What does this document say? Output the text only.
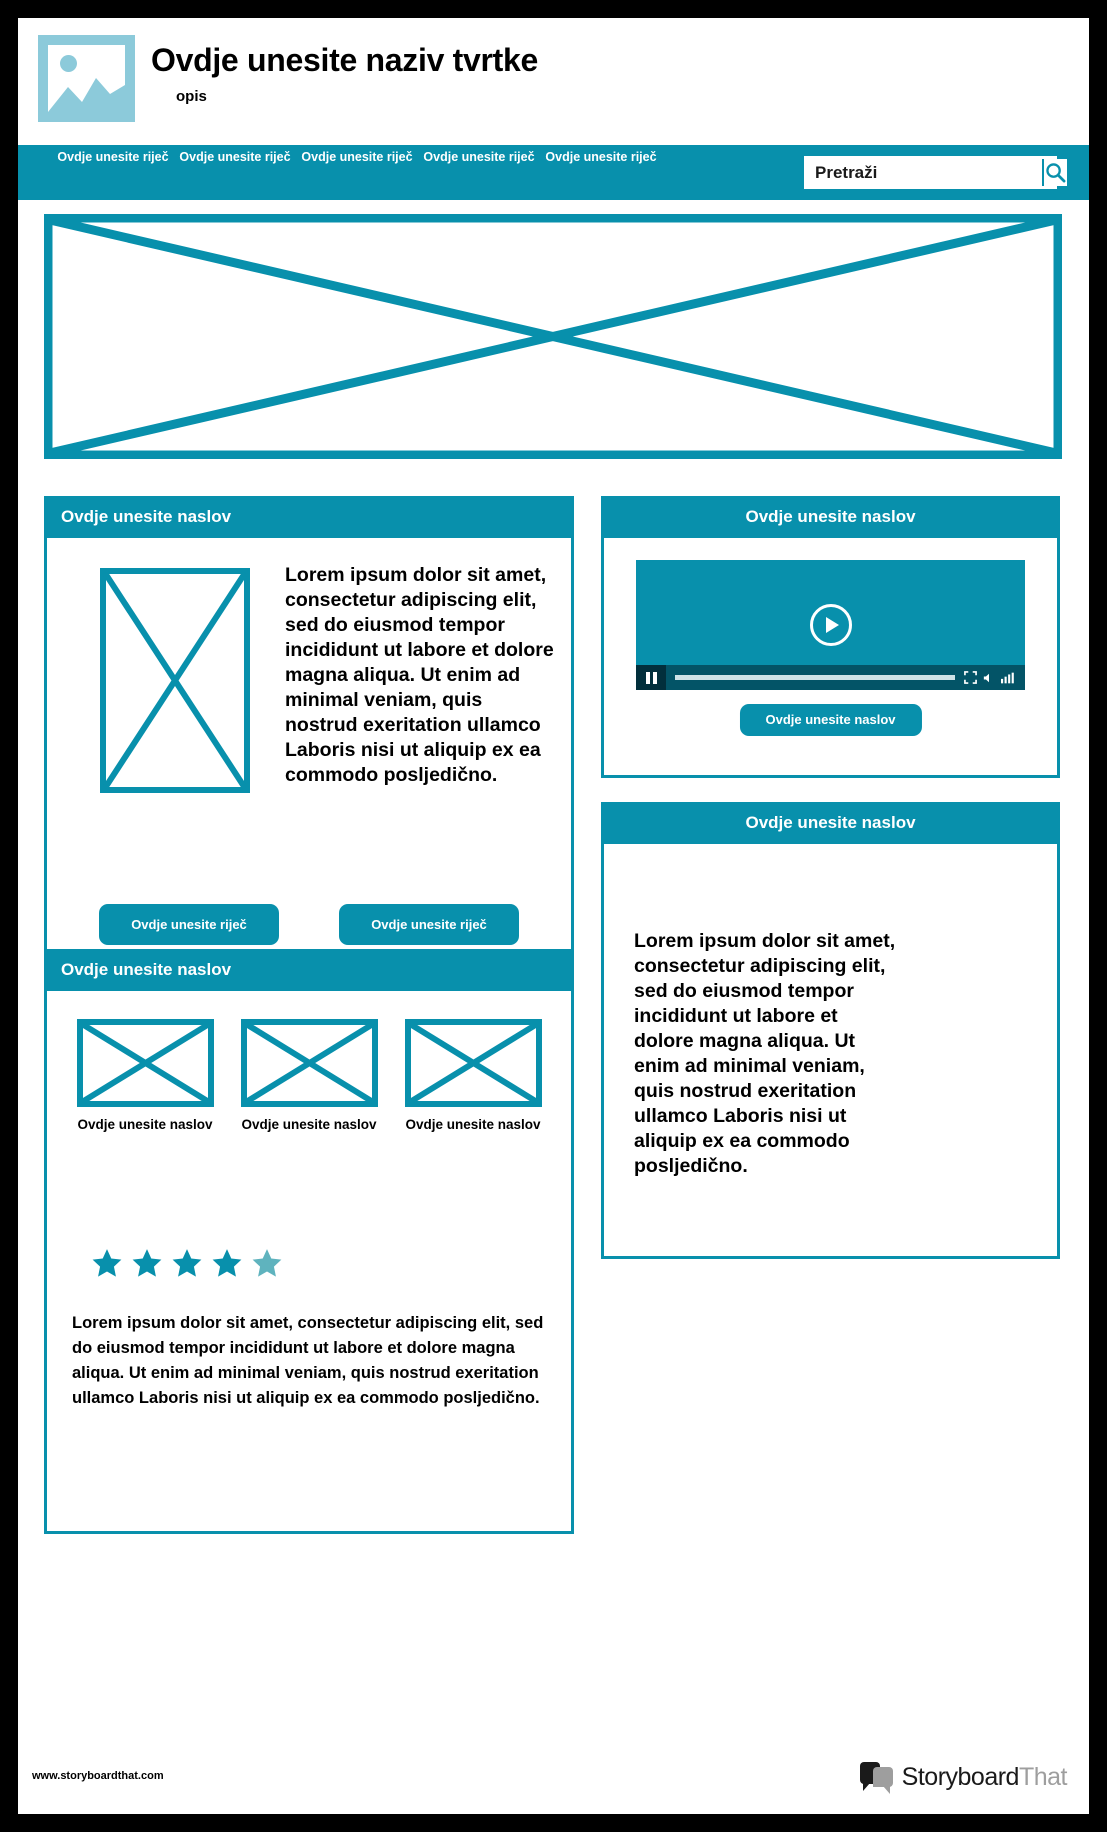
Ovdje unesite naziv tvrtke
opis
Ovdje unesite riječ Ovdje unesite riječ Ovdje unesite riječ Ovdje unesite riječ Ovdje unesite riječ
Pretraži
Ovdje unesite naslov
Lorem ipsum dolor sit amet, consectetur adipiscing elit, sed do eiusmod tempor incididunt ut labore et dolore magna aliqua. Ut enim ad minimal veniam, quis nostrud exeritation ullamco Laboris nisi ut aliquip ex ea commodo posljedično.
Ovdje unesite riječ	Ovdje unesite riječ
Ovdje unesite naslov
Ovdje unesite naslov Ovdje unesite naslov Ovdje unesite naslov
Lorem ipsum dolor sit amet, consectetur adipiscing elit, sed do eiusmod tempor incididunt ut labore et dolore magna aliqua. Ut enim ad minimal veniam, quis nostrud exeritation ullamco Laboris nisi ut aliquip ex ea commodo posljedično.
Ovdje unesite naslov
Ovdje unesite naslov
Ovdje unesite naslov
Lorem ipsum dolor sit amet, consectetur adipiscing elit, sed do eiusmod tempor incididunt ut labore et dolore magna aliqua. Ut enim ad minimal veniam, quis nostrud exeritation ullamco Laboris nisi ut aliquip ex ea commodo posljedično.
www.storyboardthat.com	StoryboardThat
